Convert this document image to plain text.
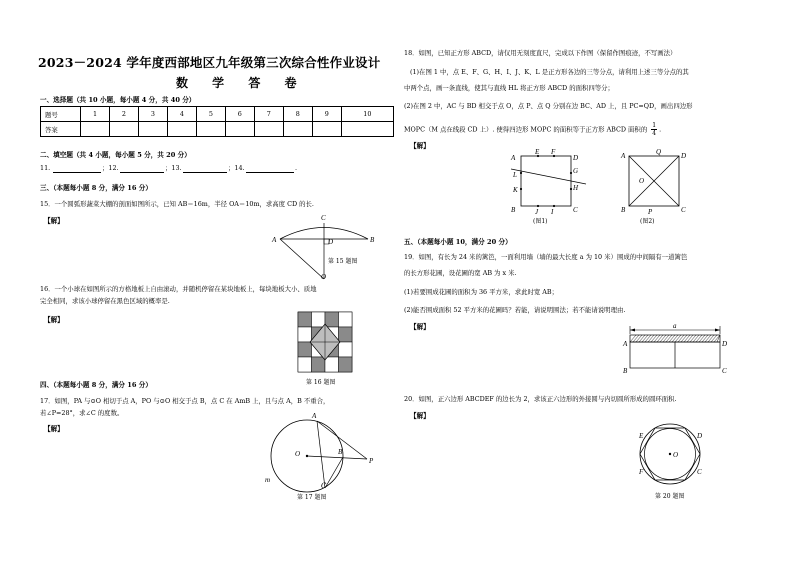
2023－2024 学年度西部地区九年级第三次综合性作业设计
数 学 答 卷
一、选择题（共 10 小题，每小题 4 分，共 40 分）
题号	1	2	3	4	5	6	7	8	9	10
答案										
二、填空题（共 4 小题，每小题 5 分，共 20 分）
11.	；12.	；13.	；14.	.
三、（本题每小题 8 分，满分 16 分）
15．一个圆弧形蔬菜大棚的剖面如图所示，已知 AB＝16m，半径 OA＝10m，求高度 CD 的长.
【解】	C
A	D	B
O
第 15 题图
16．一个小球在如图所示的方格地板上自由滚动，并随机停留在某块地板上，每块地板大小、质地
完全相同，求该小球停留在黑色区域的概率是.
【解】
第 16 题图
四、（本题每小题 8 分，满分 16 分）
17．如图，PA 与⊙O 相切于点 A，PO 与⊙O 相交于点 B，点 C 在 AmB 上，且与点 A，B 不重合，
若∠P=28°，求∠C 的度数。
【解】
A
O	B
P
m
第 17 题图
C
18．如图，已知正方形 ABCD，请仅用无刻度直尺，完成以下作图（保留作图痕迹，不写画法）
(1)在图 1 中，点 E、F、G、H、I、J、K、L 是正方形各边的三等分点，请利用上述三等分点的其
中两个点，画一条直线，使其与直线 HL 将正方形 ABCD 的面积四等分；
(2)在图 2 中，AC 与 BD 相交于点 O，点 P、点 Q 分别在边 BC、AD 上，且 PC=QD，画出四边形
MOPC（M 点在线段 CD 上）. 使得四边形 MOPC 的面积等于正方形 ABCD 面积的 $\frac{1}{4}$ .
【解】
A
E F
D
L	G
K	H
B	J I	C
(图1)
A	Q	D
O
B	P	C
(图2)
五、（本题每小题 10，满分 20 分）
19．如图，有长为 24 米的篱笆，一面利用墙（墙的最大长度 a 为 10 米）围成的中间隔有一道篱笆
的长方形花圃，设花圃的宽 AB 为 x 米.
(1)若要围成花圃的面积为 36 平方米，求此时宽 AB；
(2)能否围成面积 52 平方米的花圃吗？若能，请说明围法；若不能请说明理由.
【解】	a
A	D
B	C
20．如图，正六边形 ABCDEF 的边长为 2，求该正六边形的外接圆与内切圆所形成的圆环面积.
【解】
O
E	D
F	C
第 20 题图
